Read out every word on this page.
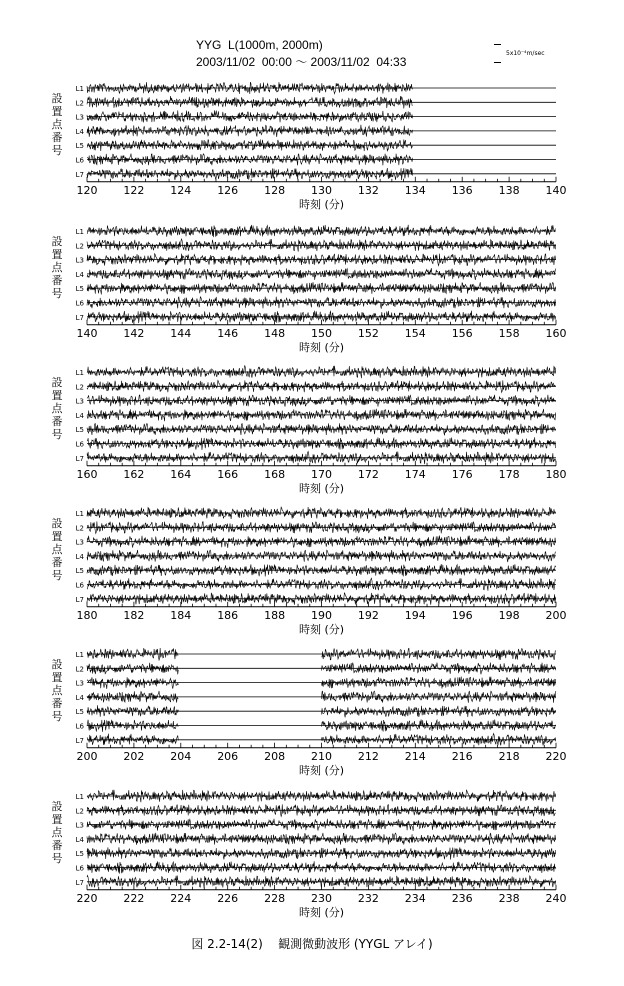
YYG  L(1000m, 2000m)
2003/11/02  00:00 ～ 2003/11/02  04:33
5x10⁻⁴m/sec
設
置
点
番
号
L1
L2
L3
L4
L5
L6
L7
120 122 124 126 128 130 132 134 136 138 140
時刻 (分)
設
置
点
番
号
L1
L2
L3
L4
L5
L6
L7
140 142 144 146 148 150 152 154 156 158 160
時刻 (分)
設
置
点
番
号
L1
L2
L3
L4
L5
L6
L7
160 162 164 166 168 170 172 174 176 178 180
時刻 (分)
設
置
点
番
号
L1
L2
L3
L4
L5
L6
L7
180 182 184 186 188 190 192 194 196 198 200
時刻 (分)
設
置
点
番
号
L1
L2
L3
L4
L5
L6
L7
200 202 204 206 208 210 212 214 216 218 220
時刻 (分)
設
置
点
番
号
L1
L2
L3
L4
L5
L6
L7
220 222 224 226 228 230 232 234 236 238 240
時刻 (分)
図 2.2-14(2) 観測微動波形 (YYGL アレイ)
